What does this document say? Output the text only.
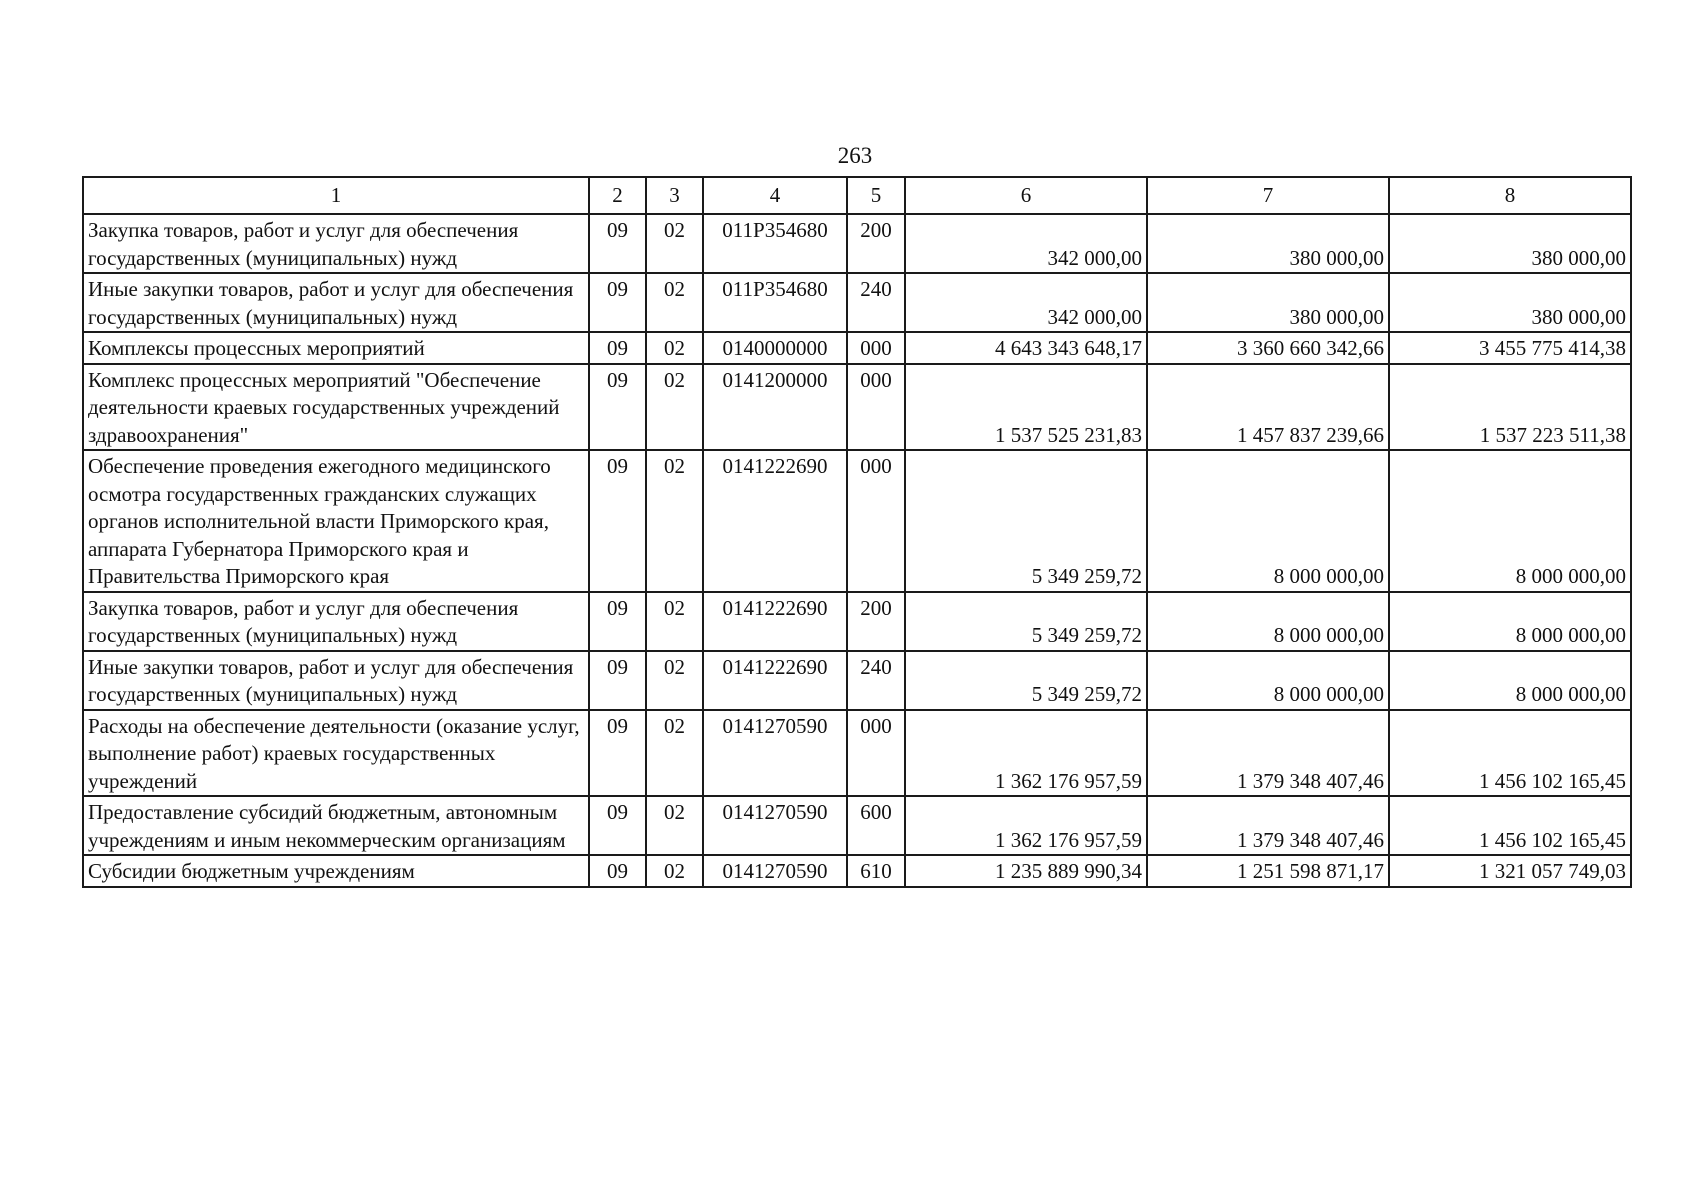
263
1	2	3	4	5	6	7	8
Закупка товаров, работ и услуг для обеспечения государственных (муниципальных) нужд	09	02	011Р354680	200	342 000,00	380 000,00	380 000,00
Иные закупки товаров, работ и услуг для обеспечения государственных (муниципальных) нужд	09	02	011Р354680	240	342 000,00	380 000,00	380 000,00
Комплексы процессных мероприятий	09	02	0140000000	000	4 643 343 648,17	3 360 660 342,66	3 455 775 414,38
Комплекс процессных мероприятий "Обеспечение деятельности краевых государственных учреждений здравоохранения"	09	02	0141200000	000	1 537 525 231,83	1 457 837 239,66	1 537 223 511,38
Обеспечение проведения ежегодного медицинского осмотра государственных гражданских служащих органов исполнительной власти Приморского края, аппарата Губернатора Приморского края и Правительства Приморского края	09	02	0141222690	000	5 349 259,72	8 000 000,00	8 000 000,00
Закупка товаров, работ и услуг для обеспечения государственных (муниципальных) нужд	09	02	0141222690	200	5 349 259,72	8 000 000,00	8 000 000,00
Иные закупки товаров, работ и услуг для обеспечения государственных (муниципальных) нужд	09	02	0141222690	240	5 349 259,72	8 000 000,00	8 000 000,00
Расходы на обеспечение деятельности (оказание услуг, выполнение работ) краевых государственных учреждений	09	02	0141270590	000	1 362 176 957,59	1 379 348 407,46	1 456 102 165,45
Предоставление субсидий бюджетным, автономным учреждениям и иным некоммерческим организациям	09	02	0141270590	600	1 362 176 957,59	1 379 348 407,46	1 456 102 165,45
Субсидии бюджетным учреждениям	09	02	0141270590	610	1 235 889 990,34	1 251 598 871,17	1 321 057 749,03
